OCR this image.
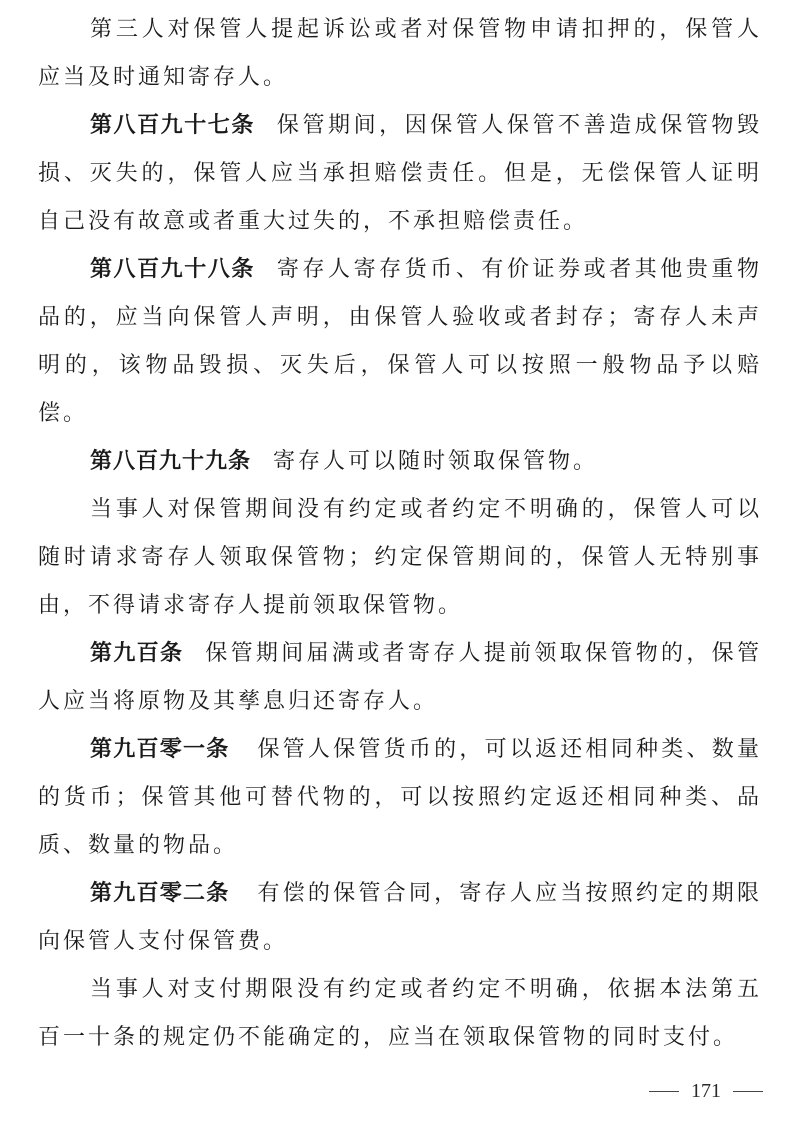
第三人对保管人提起诉讼或者对保管物申请扣押的，保管人应当及时通知寄存人。

第八百九十七条 保管期间，因保管人保管不善造成保管物毁损、灭失的，保管人应当承担赔偿责任。但是，无偿保管人证明自己没有故意或者重大过失的，不承担赔偿责任。

第八百九十八条 寄存人寄存货币、有价证券或者其他贵重物品的，应当向保管人声明，由保管人验收或者封存；寄存人未声明的，该物品毁损、灭失后，保管人可以按照一般物品予以赔偿。

第八百九十九条 寄存人可以随时领取保管物。

当事人对保管期间没有约定或者约定不明确的，保管人可以随时请求寄存人领取保管物；约定保管期间的，保管人无特别事由，不得请求寄存人提前领取保管物。

第九百条 保管期间届满或者寄存人提前领取保管物的，保管人应当将原物及其孳息归还寄存人。

第九百零一条 保管人保管货币的，可以返还相同种类、数量的货币；保管其他可替代物的，可以按照约定返还相同种类、品质、数量的物品。

第九百零二条 有偿的保管合同，寄存人应当按照约定的期限向保管人支付保管费。

当事人对支付期限没有约定或者约定不明确，依据本法第五百一十条的规定仍不能确定的，应当在领取保管物的同时支付。

171
